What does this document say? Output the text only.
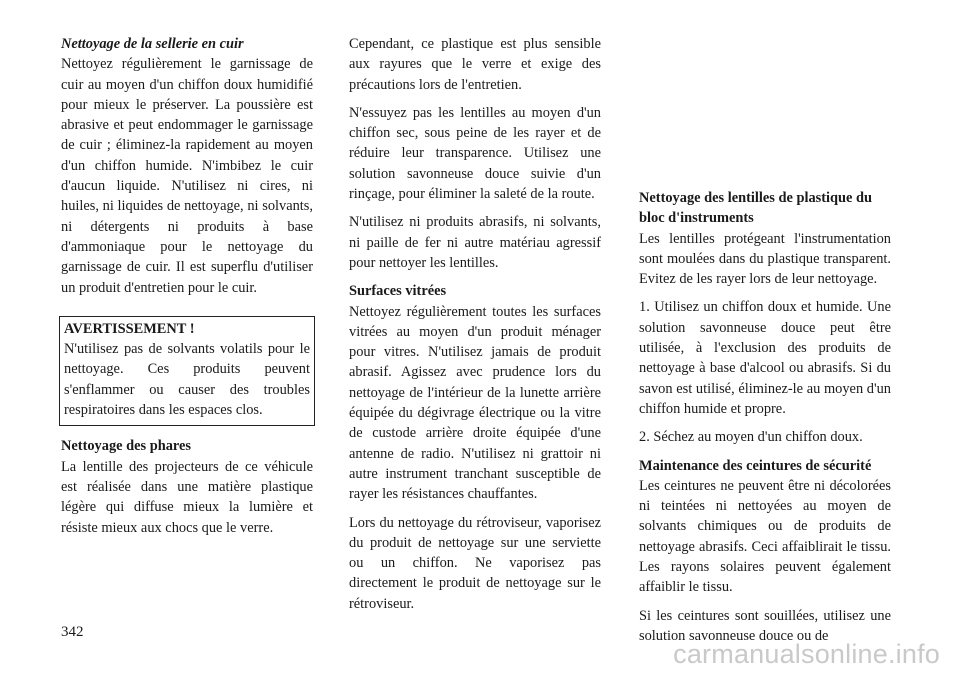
Nettoyage de la sellerie en cuir

Nettoyez régulièrement le garnissage de cuir au moyen d'un chiffon doux humidifié pour mieux le préserver. La poussière est abrasive et peut endommager le garnissage de cuir ; éliminez-la rapidement au moyen d'un chiffon humide. N'imbibez le cuir d'aucun liquide. N'utilisez ni cires, ni huiles, ni liquides de nettoyage, ni solvants, ni détergents ni produits à base d'ammoniaque pour le nettoyage du garnissage de cuir. Il est superflu d'utiliser un produit d'entretien pour le cuir.

AVERTISSEMENT !
N'utilisez pas de solvants volatils pour le nettoyage. Ces produits peuvent s'enflammer ou causer des troubles respiratoires dans les espaces clos.
Nettoyage des phares

La lentille des projecteurs de ce véhicule est réalisée dans une matière plastique légère qui diffuse mieux la lumière et résiste mieux aux chocs que le verre.

Cependant, ce plastique est plus sensible aux rayures que le verre et exige des précautions lors de l'entretien.

N'essuyez pas les lentilles au moyen d'un chiffon sec, sous peine de les rayer et de réduire leur transparence. Utilisez une solution savonneuse douce suivie d'un rinçage, pour éliminer la saleté de la route.

N'utilisez ni produits abrasifs, ni solvants, ni paille de fer ni autre matériau agressif pour nettoyer les lentilles.

Surfaces vitrées

Nettoyez régulièrement toutes les surfaces vitrées au moyen d'un produit ménager pour vitres. N'utilisez jamais de produit abrasif. Agissez avec prudence lors du nettoyage de l'intérieur de la lunette arrière équipée du dégivrage électrique ou la vitre de custode arrière droite équipée d'une antenne de radio. N'utilisez ni grattoir ni autre instrument tranchant susceptible de rayer les résistances chauffantes.

Lors du nettoyage du rétroviseur, vaporisez du produit de nettoyage sur une serviette ou un chiffon. Ne vaporisez pas directement le produit de nettoyage sur le rétroviseur.

Nettoyage des lentilles de plastique du bloc d'instruments

Les lentilles protégeant l'instrumentation sont moulées dans du plastique transparent. Evitez de les rayer lors de leur nettoyage.

1. Utilisez un chiffon doux et humide. Une solution savonneuse douce peut être utilisée, à l'exclusion des produits de nettoyage à base d'alcool ou abrasifs. Si du savon est utilisé, éliminez-le au moyen d'un chiffon humide et propre.

2. Séchez au moyen d'un chiffon doux.

Maintenance des ceintures de sécurité

Les ceintures ne peuvent être ni décolorées ni teintées ni nettoyées au moyen de solvants chimiques ou de produits de nettoyage abrasifs. Ceci affaiblirait le tissu. Les rayons solaires peuvent également affaiblir le tissu.

Si les ceintures sont souillées, utilisez une solution savonneuse douce ou de

342
carmanualsonline.info
